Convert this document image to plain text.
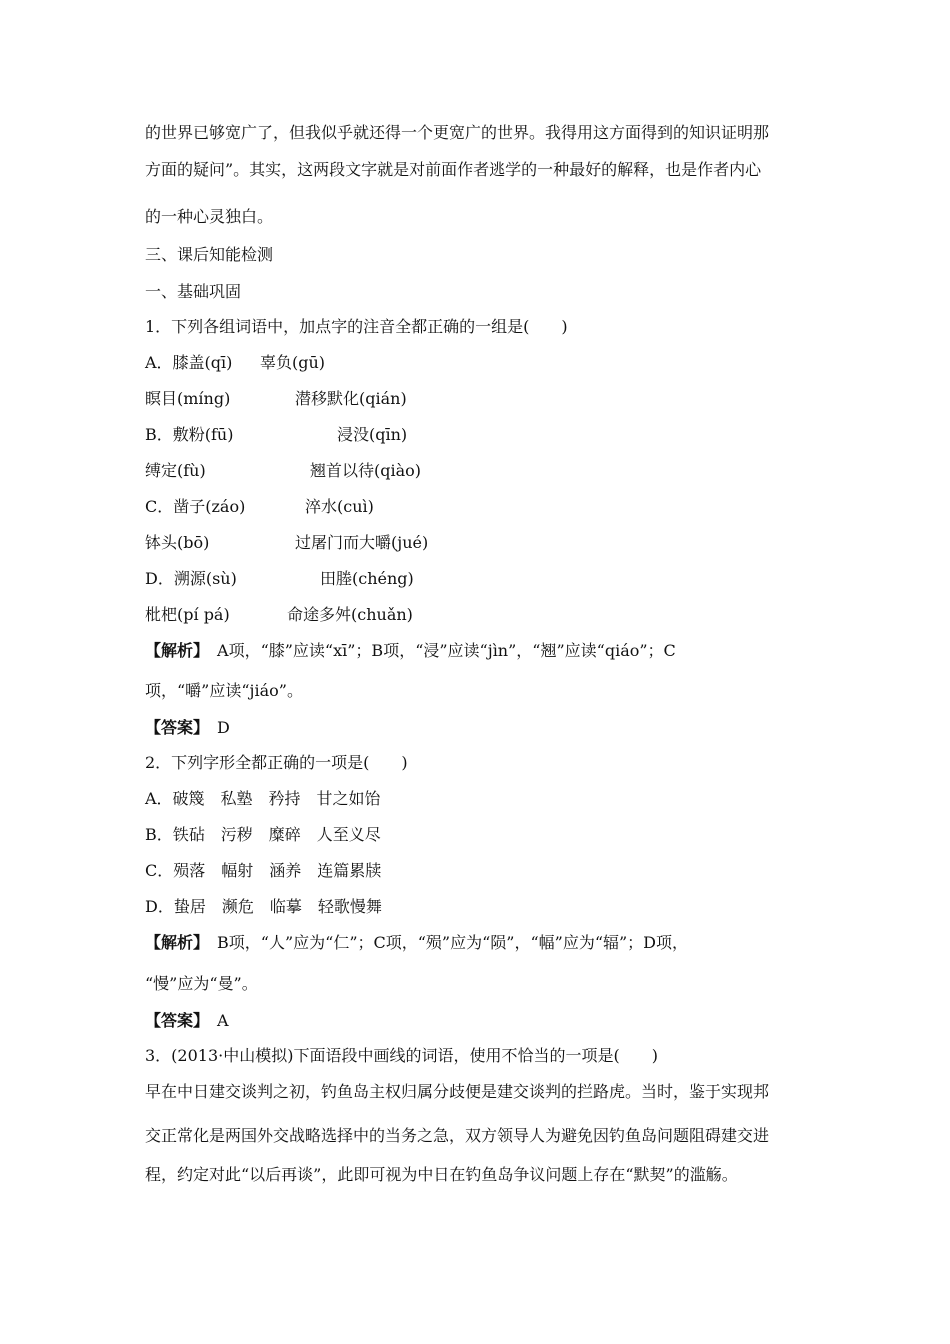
的世界已够宽广了，但我似乎就还得一个更宽广的世界。我得用这方面得到的知识证明那
方面的疑问”。其实，这两段文字就是对前面作者逃学的一种最好的解释，也是作者内心
的一种心灵独白。
三、课后知能检测
一、基础巩固
1．下列各组词语中，加点字的注音全都正确的一组是(　　)
A．膝盖(qī) 辜负(gū)
瞑目(míng)	潜移默化(qián)
B．敷粉(fū)	浸没(qīn)
缚定(fù)	翘首以待(qiào)
C．凿子(záo)	淬水(cuì)
钵头(bō)	过屠门而大嚼(jué)
D．溯源(sù)	田塍(chéng)
枇杷(pí pá)	命途多舛(chuǎn)
【解析】　A项，“膝”应读“xī”；B项，“浸”应读“jìn”，“翘”应读“qiáo”；C
项，“嚼”应读“jiáo”。
【答案】　D
2．下列字形全都正确的一项是(　　)
A．破篾　私塾　矜持　甘之如饴
B．铁砧　污秽　糜碎　人至义尽
C．殒落　幅射　涵养　连篇累牍
D．蛰居　濒危　临摹　轻歌慢舞
【解析】　B项，“人”应为“仁”；C项，“殒”应为“陨”，“幅”应为“辐”；D项，
“慢”应为“曼”。
【答案】　A
3．(2013·中山模拟)下面语段中画线的词语，使用不恰当的一项是(　　)
早在中日建交谈判之初，钓鱼岛主权归属分歧便是建交谈判的拦路虎。当时，鉴于实现邦
交正常化是两国外交战略选择中的当务之急，双方领导人为避免因钓鱼岛问题阻碍建交进
程，约定对此“以后再谈”，此即可视为中日在钓鱼岛争议问题上存在“默契”的滥觞。
